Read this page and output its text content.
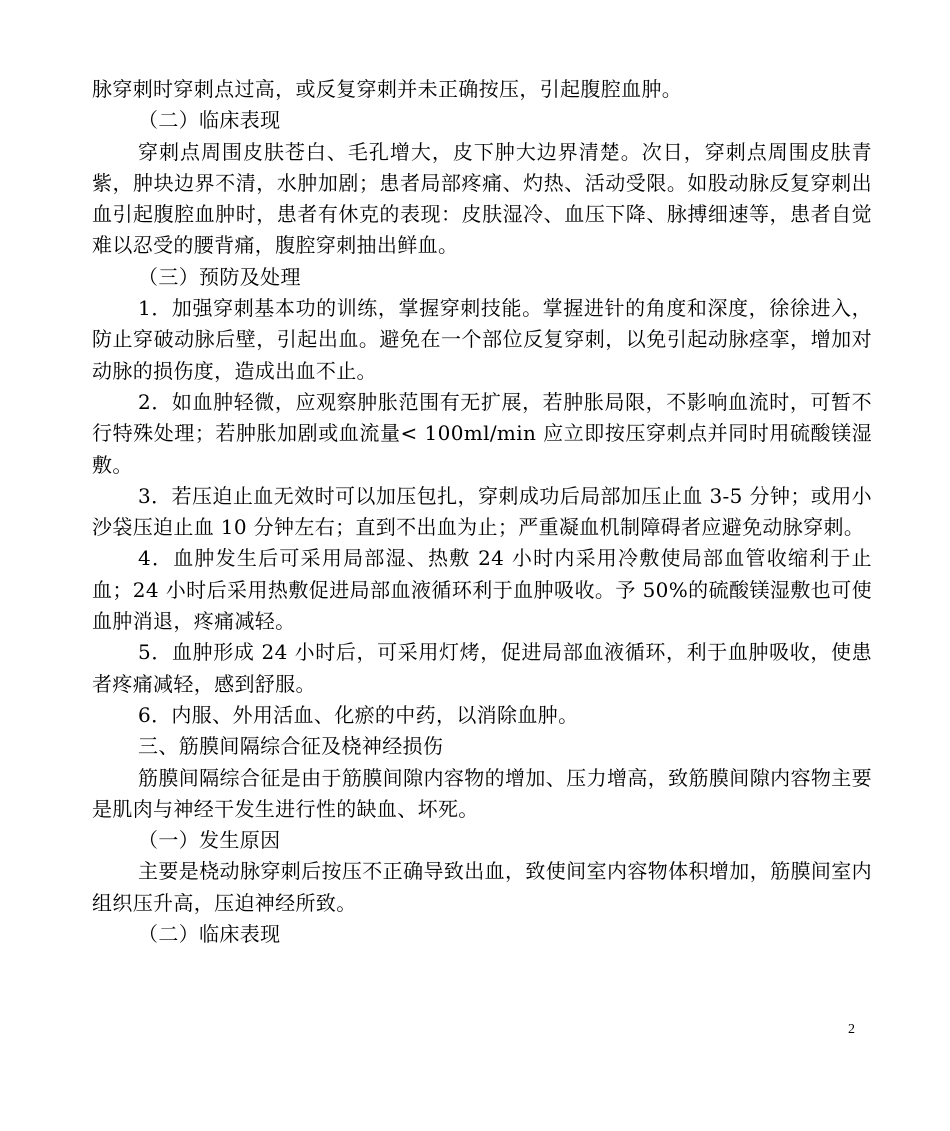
脉穿刺时穿刺点过高，或反复穿刺并未正确按压，引起腹腔血肿。

（二）临床表现

穿刺点周围皮肤苍白、毛孔增大，皮下肿大边界清楚。次日，穿刺点周围皮肤青紫，肿块边界不清，水肿加剧；患者局部疼痛、灼热、活动受限。如股动脉反复穿刺出血引起腹腔血肿时，患者有休克的表现：皮肤湿冷、血压下降、脉搏细速等，患者自觉难以忍受的腰背痛，腹腔穿刺抽出鲜血。

（三）预防及处理

1．加强穿刺基本功的训练，掌握穿刺技能。掌握进针的角度和深度，徐徐进入，防止穿破动脉后壁，引起出血。避免在一个部位反复穿刺，以免引起动脉痉挛，增加对动脉的损伤度，造成出血不止。

2．如血肿轻微，应观察肿胀范围有无扩展，若肿胀局限，不影响血流时，可暂不行特殊处理；若肿胀加剧或血流量< 100ml/min 应立即按压穿刺点并同时用硫酸镁湿敷。

3．若压迫止血无效时可以加压包扎，穿刺成功后局部加压止血 3-5 分钟；或用小沙袋压迫止血 10 分钟左右；直到不出血为止；严重凝血机制障碍者应避免动脉穿刺。

4．血肿发生后可采用局部湿、热敷 24 小时内采用冷敷使局部血管收缩利于止血；24 小时后采用热敷促进局部血液循环利于血肿吸收。予 50%的硫酸镁湿敷也可使血肿消退，疼痛减轻。

5．血肿形成 24 小时后，可采用灯烤，促进局部血液循环，利于血肿吸收，使患者疼痛减轻，感到舒服。

6．内服、外用活血、化瘀的中药，以消除血肿。

三、筋膜间隔综合征及桡神经损伤

筋膜间隔综合征是由于筋膜间隙内容物的增加、压力增高，致筋膜间隙内容物主要是肌肉与神经干发生进行性的缺血、坏死。

（一）发生原因

主要是桡动脉穿刺后按压不正确导致出血，致使间室内容物体积增加，筋膜间室内组织压升高，压迫神经所致。

（二）临床表现

2
